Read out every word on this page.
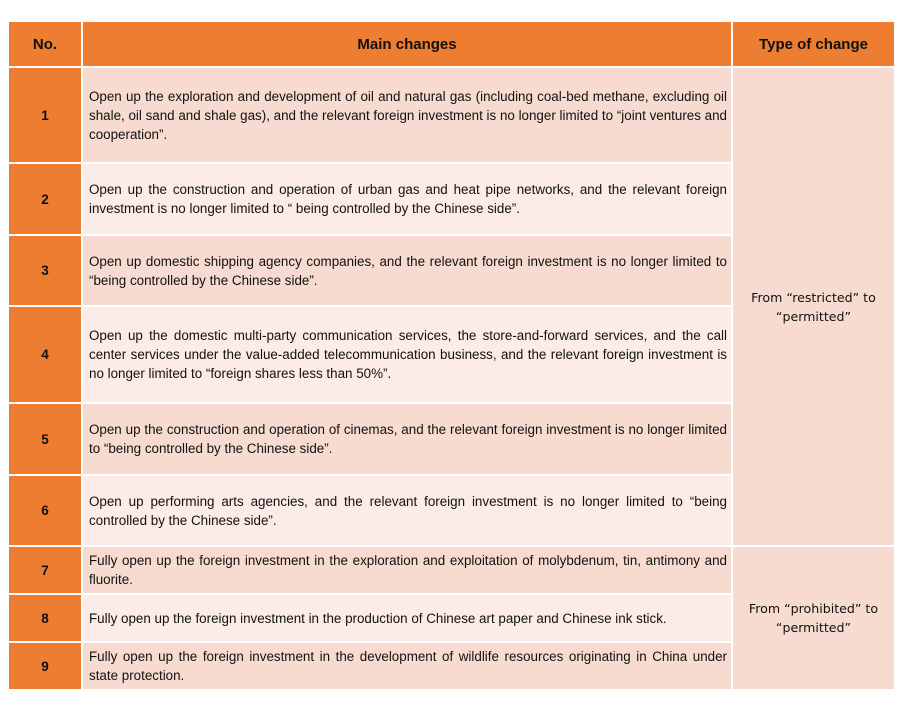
No.	Main changes	Type of change
1	Open up the exploration and development of oil and natural gas (including coal-bed methane, excluding oil shale, oil sand and shale gas), and the relevant foreign investment is no longer limited to “joint ventures and cooperation”.	From “restricted” to
“permitted”

2	Open up the construction and operation of urban gas and heat pipe networks, and the relevant foreign investment is no longer limited to “ being controlled by the Chinese side”.	
3	Open up domestic shipping agency companies, and the relevant foreign investment is no longer limited to “being controlled by the Chinese side”.	
4	Open up the domestic multi-party communication services, the store-and-forward services, and the call center services under the value-added telecommunication business, and the relevant foreign investment is no longer limited to “foreign shares less than 50%”.	
5	Open up the construction and operation of cinemas, and the relevant foreign investment is no longer limited to “being controlled by the Chinese side”.	
6	Open up performing arts agencies, and the relevant foreign investment is no longer limited to “being controlled by the Chinese side”.	
7	Fully open up the foreign investment in the exploration and exploitation of molybdenum, tin, antimony and fluorite.	From “prohibited” to
“permitted”

8	Fully open up the foreign investment in the production of Chinese art paper and Chinese ink stick.	
9	Fully open up the foreign investment in the development of wildlife resources originating in China under state protection.	
